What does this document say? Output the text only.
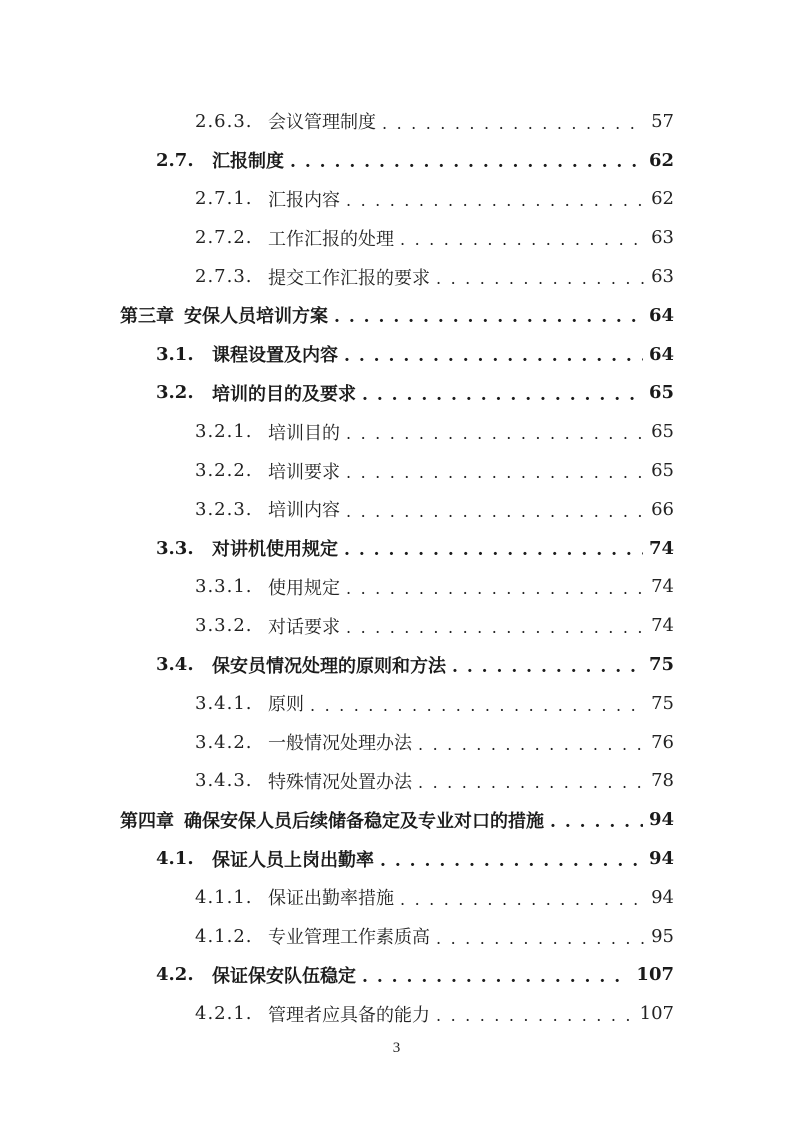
2.6.3. 会议管理制度 . . .	57
2.7.	汇报制度 . . .	62
2.7.1. 汇报内容 . . .	62
2.7.2. 工作汇报的处理 . . .	63
2.7.3. 提交工作汇报的要求 . . .	63
第三章 安保人员培训方案 . . .	64
3.1.	课程设置及内容 . . .	64
3.2.	培训的目的及要求 . . .	65
3.2.1. 培训目的 . . .	65
3.2.2. 培训要求 . . .	65
3.2.3. 培训内容 . . .	66
3.3.	对讲机使用规定 . . .	74
3.3.1. 使用规定 . . .	74
3.3.2. 对话要求 . . .	74
3.4.	保安员情况处理的原则和方法 . . .	75
3.4.1. 原则 . . .	75
3.4.2. 一般情况处理办法 . . .	76
3.4.3. 特殊情况处置办法 . . .	78
第四章 确保安保人员后续储备稳定及专业对口的措施 . . .	94
4.1.	保证人员上岗出勤率 . . .	94
4.1.1. 保证出勤率措施 . . .	94
4.1.2. 专业管理工作素质高 . . .	95
4.2.	保证保安队伍稳定 . . .	107
4.2.1. 管理者应具备的能力 . . .	107
3
